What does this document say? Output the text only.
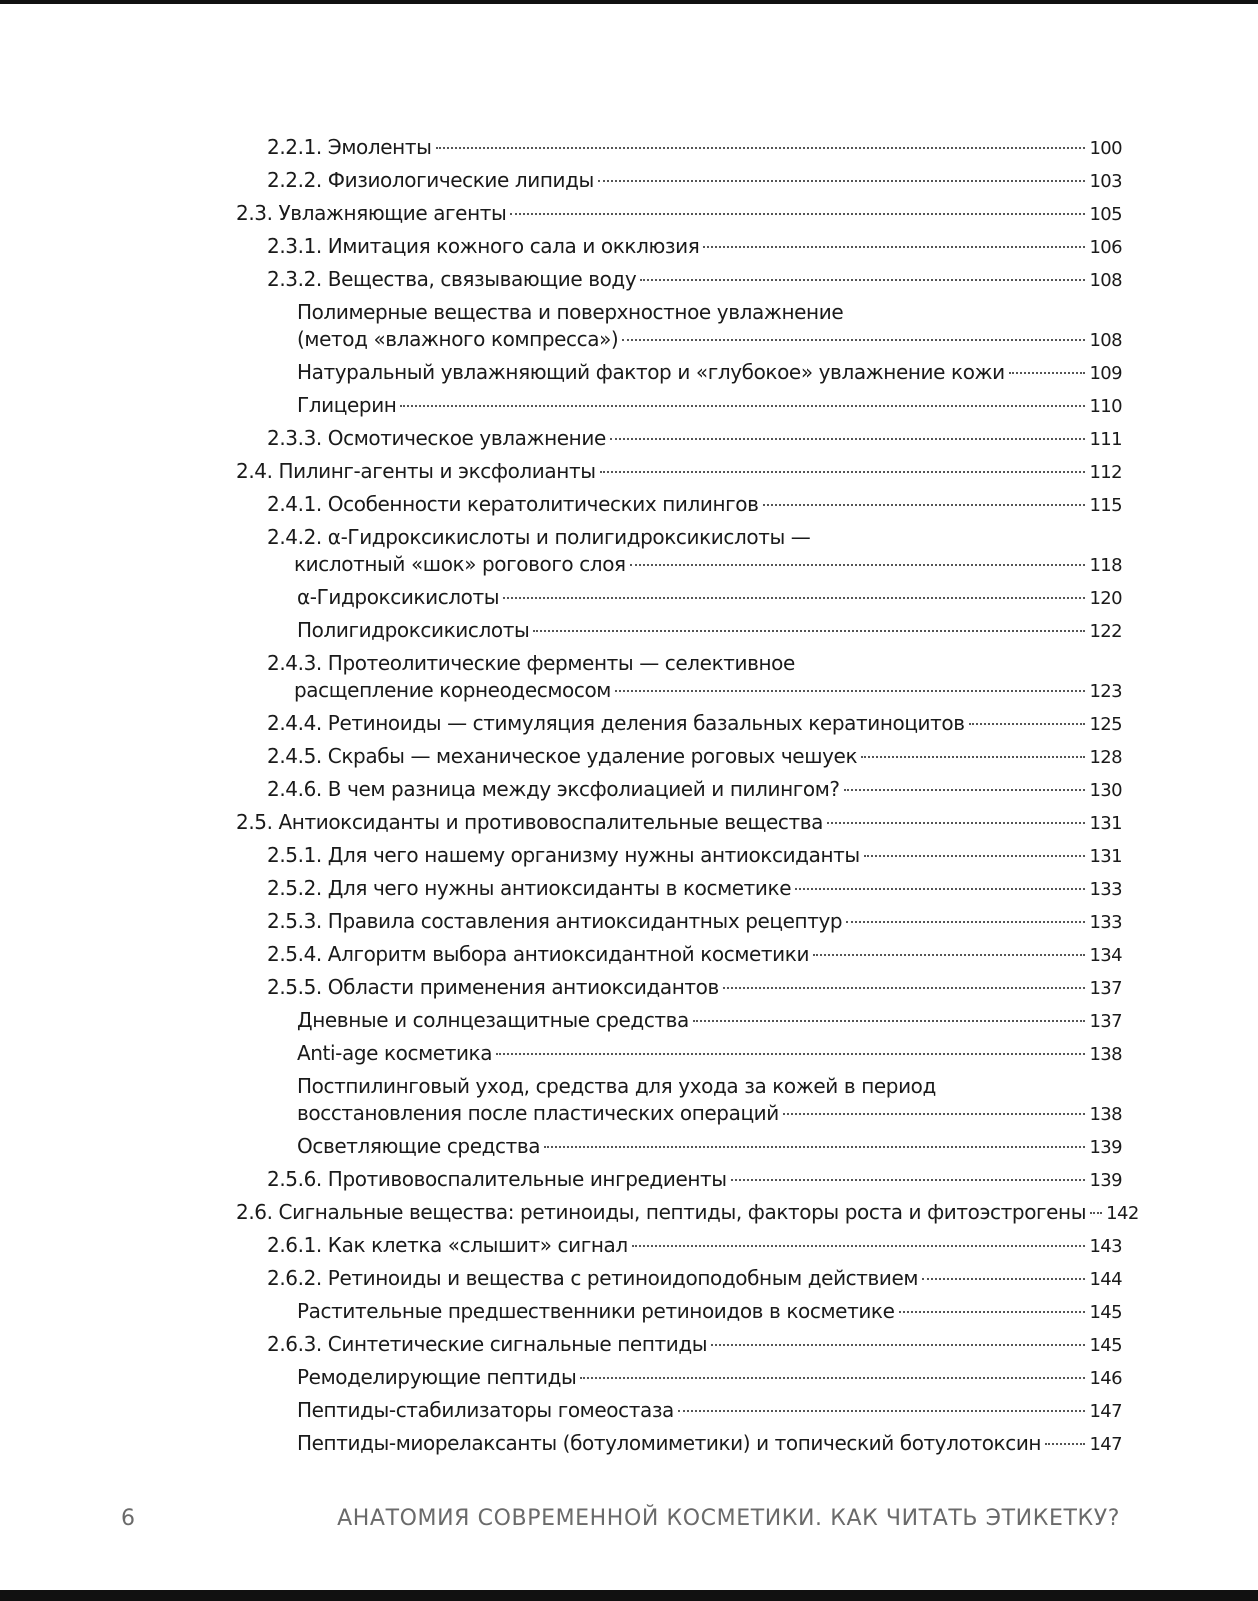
2.2.1. Эмоленты	100
2.2.2. Физиологические липиды	103
2.3. Увлажняющие агенты	105
2.3.1. Имитация кожного сала и окклюзия	106
2.3.2. Вещества, связывающие воду	108
Полимерные вещества и поверхностное увлажнение
(метод «влажного компресса»)	108
Натуральный увлажняющий фактор и «глубокое» увлажнение кожи	109
Глицерин	110
2.3.3. Осмотическое увлажнение	111
2.4. Пилинг-агенты и эксфолианты	112
2.4.1. Особенности кератолитических пилингов	115
2.4.2. α-Гидроксикислоты и полигидроксикислоты —
кислотный «шок» рогового слоя	118
α-Гидроксикислоты	120
Полигидроксикислоты	122
2.4.3. Протеолитические ферменты — селективное
расщепление корнеодесмосом	123
2.4.4. Ретиноиды — стимуляция деления базальных кератиноцитов	125
2.4.5. Скрабы — механическое удаление роговых чешуек	128
2.4.6. В чем разница между эксфолиацией и пилингом?	130
2.5. Антиоксиданты и противовоспалительные вещества	131
2.5.1. Для чего нашему организму нужны антиоксиданты	131
2.5.2. Для чего нужны антиоксиданты в косметике	133
2.5.3. Правила составления антиоксидантных рецептур	133
2.5.4. Алгоритм выбора антиоксидантной косметики	134
2.5.5. Области применения антиоксидантов	137
Дневные и солнцезащитные средства	137
Anti-age косметика	138
Постпилинговый уход, средства для ухода за кожей в период
восстановления после пластических операций	138
Осветляющие средства	139
2.5.6. Противовоспалительные ингредиенты	139
2.6. Сигнальные вещества: ретиноиды, пептиды, факторы роста и фитоэстрогены 142
2.6.1. Как клетка «слышит» сигнал	143
2.6.2. Ретиноиды и вещества с ретиноидоподобным действием	144
Растительные предшественники ретиноидов в косметике	145
2.6.3. Синтетические сигнальные пептиды	145
Ремоделирующие пептиды	146
Пептиды-стабилизаторы гомеостаза	147
Пептиды-миорелаксанты (ботуломиметики) и топический ботулотоксин	147
6	АНАТОМИЯ СОВРЕМЕННОЙ КОСМЕТИКИ. КАК ЧИТАТЬ ЭТИКЕТКУ?
